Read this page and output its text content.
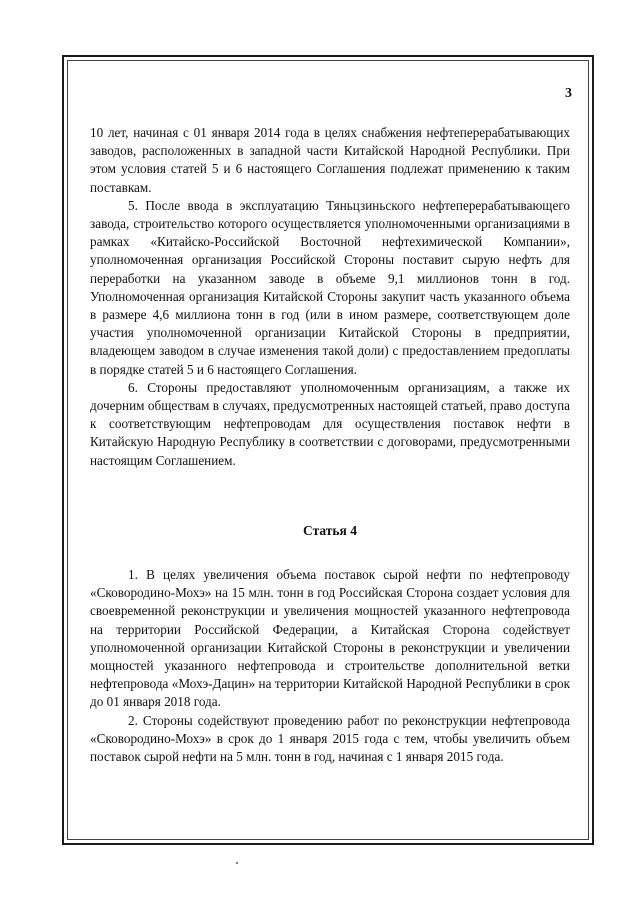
3

10 лет, начиная с 01 января 2014 года в целях снабжения нефтеперерабатывающих заводов, расположенных в западной части Китайской Народной Республики. При этом условия статей 5 и 6 настоящего Соглашения подлежат применению к таким поставкам.

5. После ввода в эксплуатацию Тяньцзиньского нефтеперерабатывающего завода, строительство которого осуществляется уполномоченными организациями в рамках «Китайско-Российской Восточной нефтехимической Компании», уполномоченная организация Российской Стороны поставит сырую нефть для переработки на указанном заводе в объеме 9,1 миллионов тонн в год. Уполномоченная организация Китайской Стороны закупит часть указанного объема в размере 4,6 миллиона тонн в год (или в ином размере, соответствующем доле участия уполномоченной организации Китайской Стороны в предприятии, владеющем заводом в случае изменения такой доли) с предоставлением предоплаты в порядке статей 5 и 6 настоящего Соглашения.

6. Стороны предоставляют уполномоченным организациям, а также их дочерним обществам в случаях, предусмотренных настоящей статьей, право доступа к соответствующим нефтепроводам для осуществления поставок нефти в Китайскую Народную Республику в соответствии с договорами, предусмотренными настоящим Соглашением.

Статья 4

1. В целях увеличения объема поставок сырой нефти по нефтепроводу «Сковородино-Мохэ» на 15 млн. тонн в год Российская Сторона создает условия для своевременной реконструкции и увеличения мощностей указанного нефтепровода на территории Российской Федерации, а Китайская Сторона содействует уполномоченной организации Китайской Стороны в реконструкции и увеличении мощностей указанного нефтепровода и строительстве дополнительной ветки нефтепровода «Мохэ-Дацин» на территории Китайской Народной Республики в срок до 01 января 2018 года.

2. Стороны содействуют проведению работ по реконструкции нефтепровода «Сковородино-Мохэ» в срок до 1 января 2015 года с тем, чтобы увеличить объем поставок сырой нефти на 5 млн. тонн в год, начиная с 1 января 2015 года.
